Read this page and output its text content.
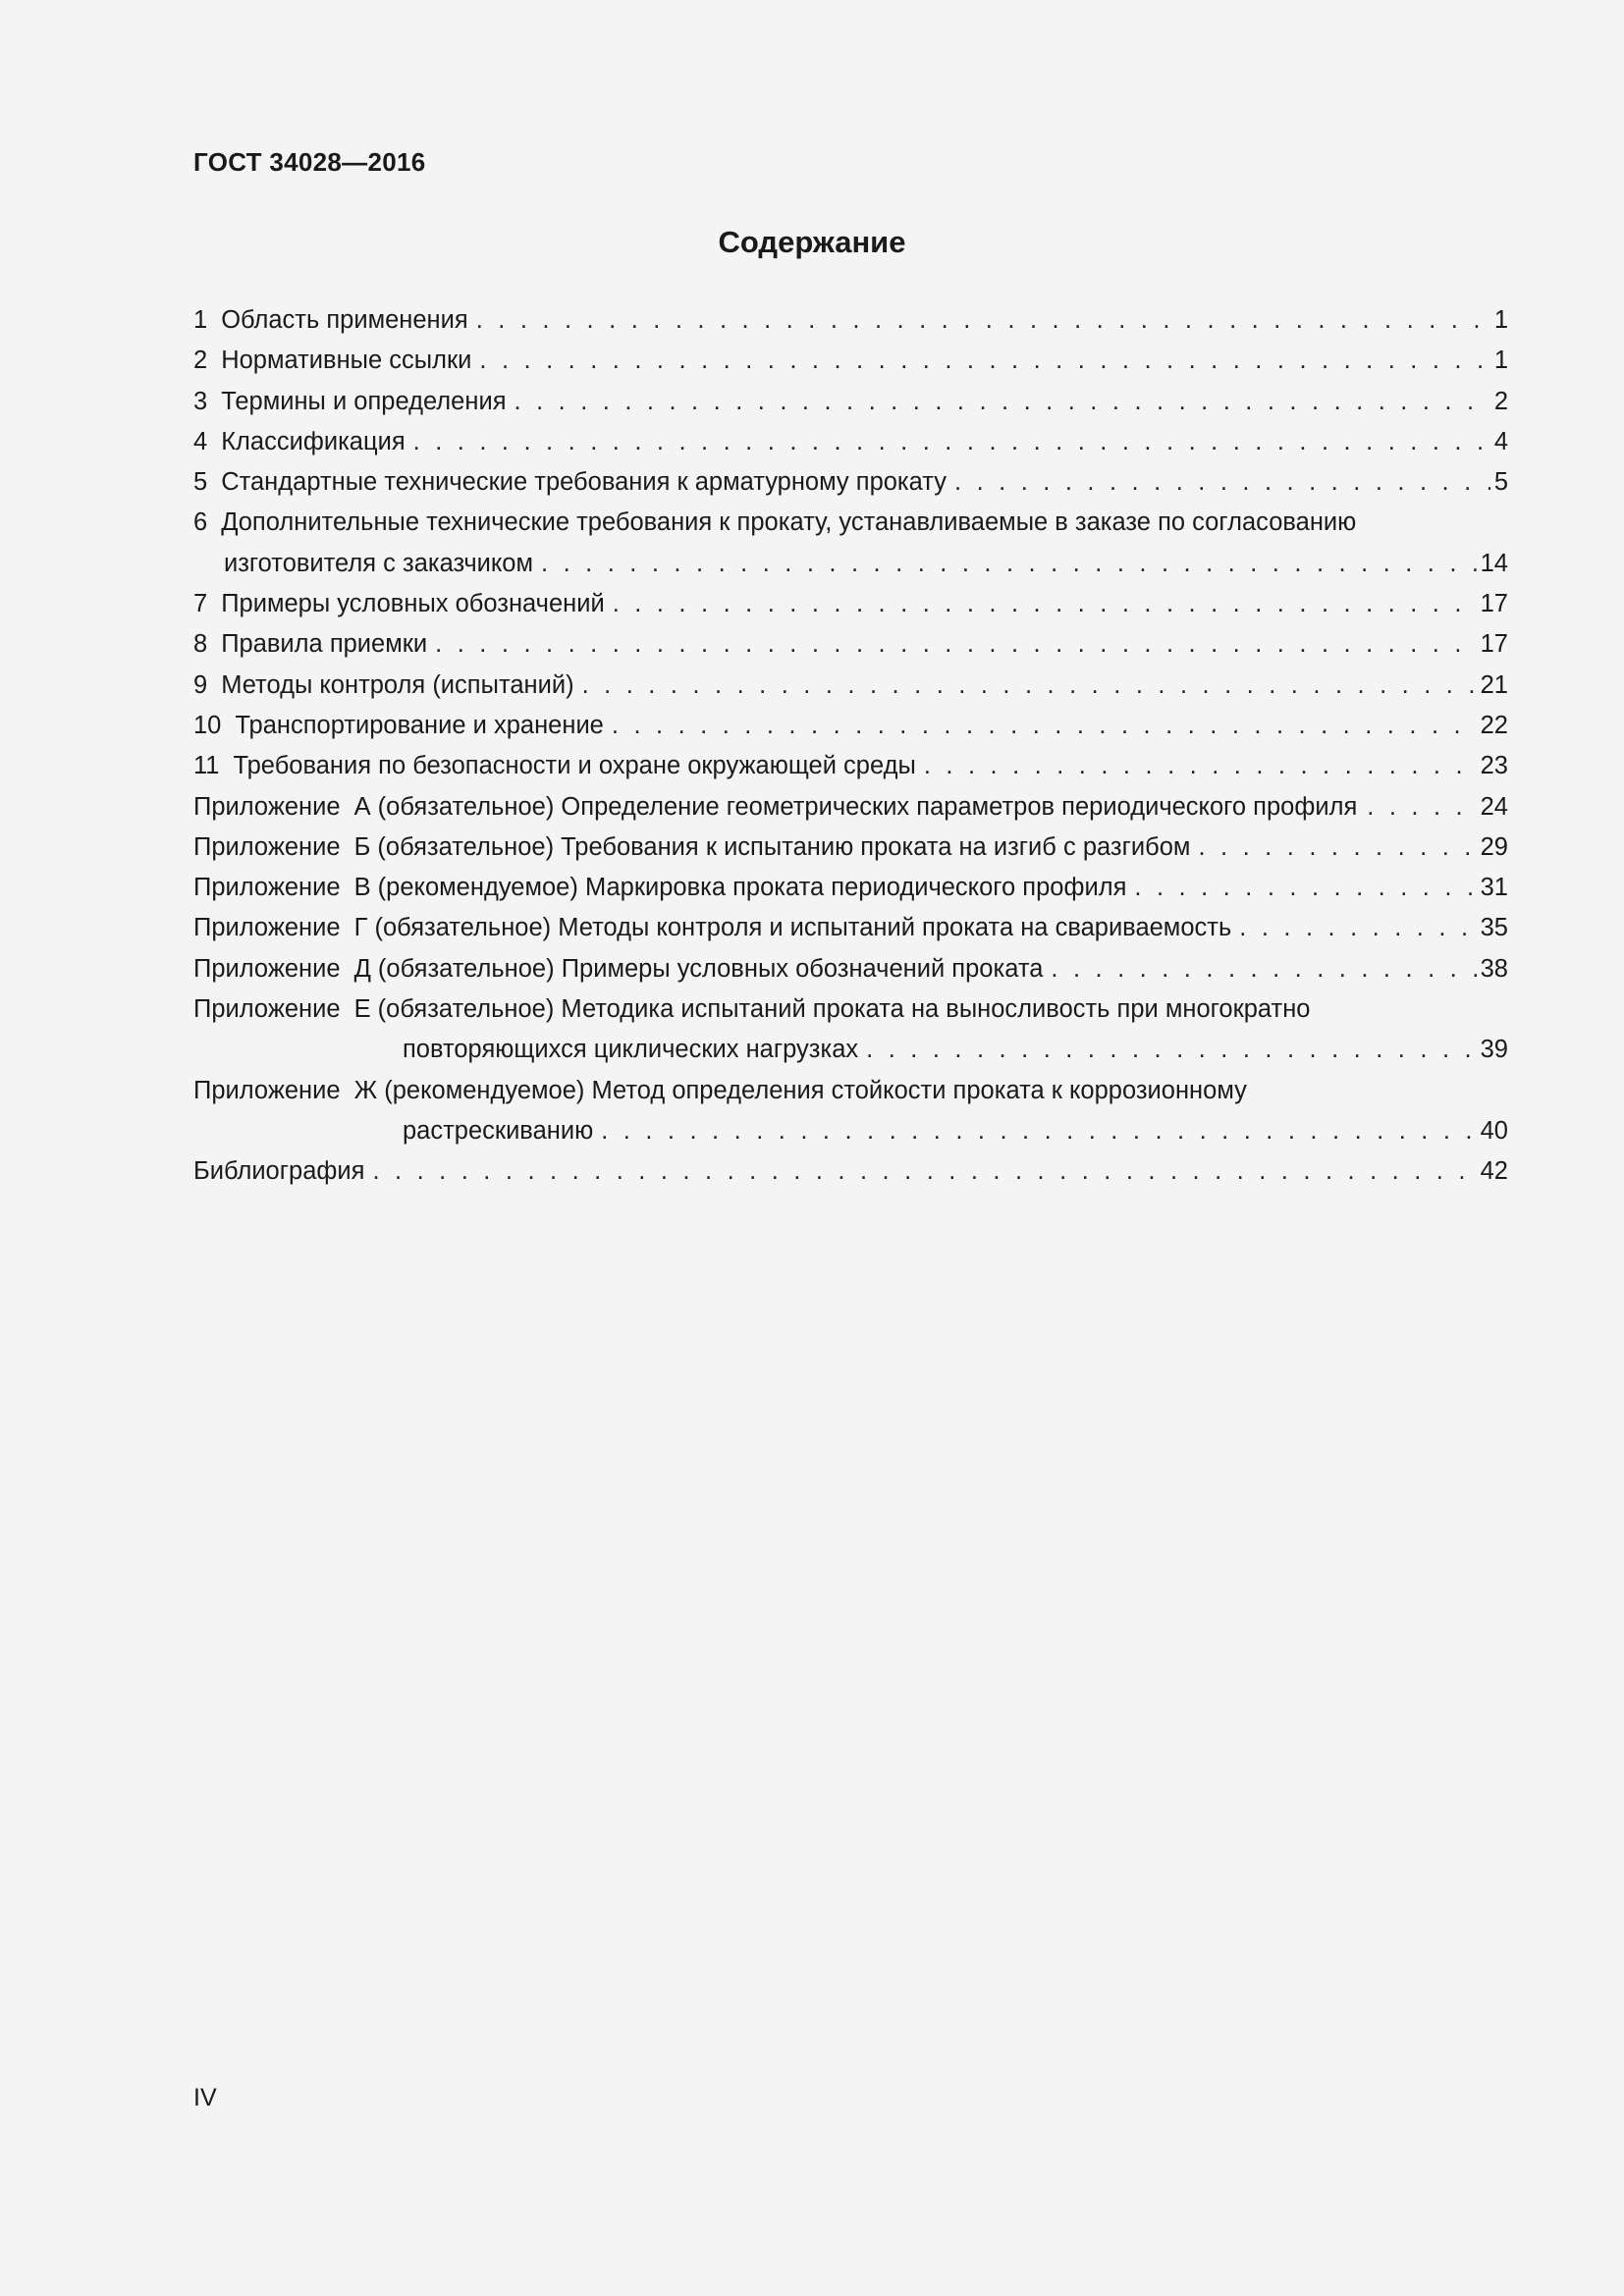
ГОСТ 34028—2016
Содержание
1 Область применения . . .	1
2 Нормативные ссылки . . .	1
3 Термины и определения . . .	2
4 Классификация . . .	4
5 Стандартные технические требования к арматурному прокату . . .	5
6 Дополнительные технические требования к прокату, устанавливаемые в заказе по согласованию
изготовителя с заказчиком . . .	14
7 Примеры условных обозначений . . .	17
8 Правила приемки . . .	17
9 Методы контроля (испытаний) . . .	21
10 Транспортирование и хранение . . .	22
11 Требования по безопасности и охране окружающей среды . . .	23
Приложение А (обязательное) Определение геометрических параметров периодического профиля . . .	24
Приложение Б (обязательное) Требования к испытанию проката на изгиб с разгибом . . .	29
Приложение В (рекомендуемое) Маркировка проката периодического профиля . . .	31
Приложение Г (обязательное) Методы контроля и испытаний проката на свариваемость . . .	35
Приложение Д (обязательное) Примеры условных обозначений проката . . .	38
Приложение Е (обязательное) Методика испытаний проката на выносливость при многократно
повторяющихся циклических нагрузках . . .	39
Приложение Ж (рекомендуемое) Метод определения стойкости проката к коррозионному
растрескиванию . . .	40
Библиография . . .	42
IV
